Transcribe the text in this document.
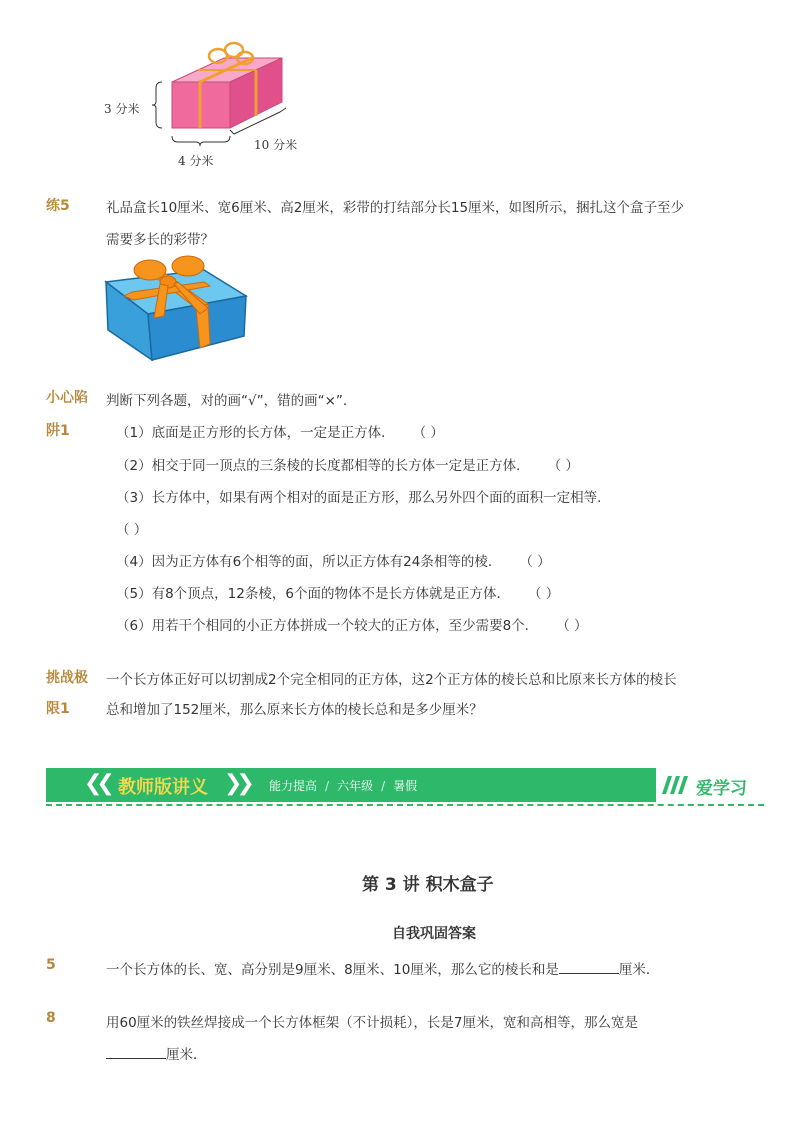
3 分米
4 分米
10 分米
练5	礼品盒长10厘米、宽6厘米、高2厘米，彩带的打结部分长15厘米，如图所示，捆扎这个盒子至少
需要多长的彩带？
小心陷
阱1
判断下列各题，对的画“√”，错的画“×”．
（1）底面是正方形的长方体，一定是正方体． （ ）
（2）相交于同一顶点的三条棱的长度都相等的长方体一定是正方体． （ ）
（3）长方体中，如果有两个相对的面是正方形，那么另外四个面的面积一定相等．
（ ）
（4）因为正方体有6个相等的面，所以正方体有24条相等的棱． （ ）
（5）有8个顶点，12条棱，6个面的物体不是长方体就是正方体． （ ）
（6）用若干个相同的小正方体拼成一个较大的正方体，至少需要8个． （ ）
挑战极
限1
一个长方体正好可以切割成2个完全相同的正方体，这2个正方体的棱长总和比原来长方体的棱长
总和增加了152厘米，那么原来长方体的棱长总和是多少厘米？
❮❮ 教师版讲义 ❯❯ 能力提高 / 六年级 / 暑假	爱学习
第 3 讲 积木盒子
自我巩固答案
5	一个长方体的长、宽、高分别是9厘米、8厘米、10厘米，那么它的棱长和是	厘米．
8	用60厘米的铁丝焊接成一个长方体框架（不计损耗），长是7厘米，宽和高相等，那么宽是
厘米．
